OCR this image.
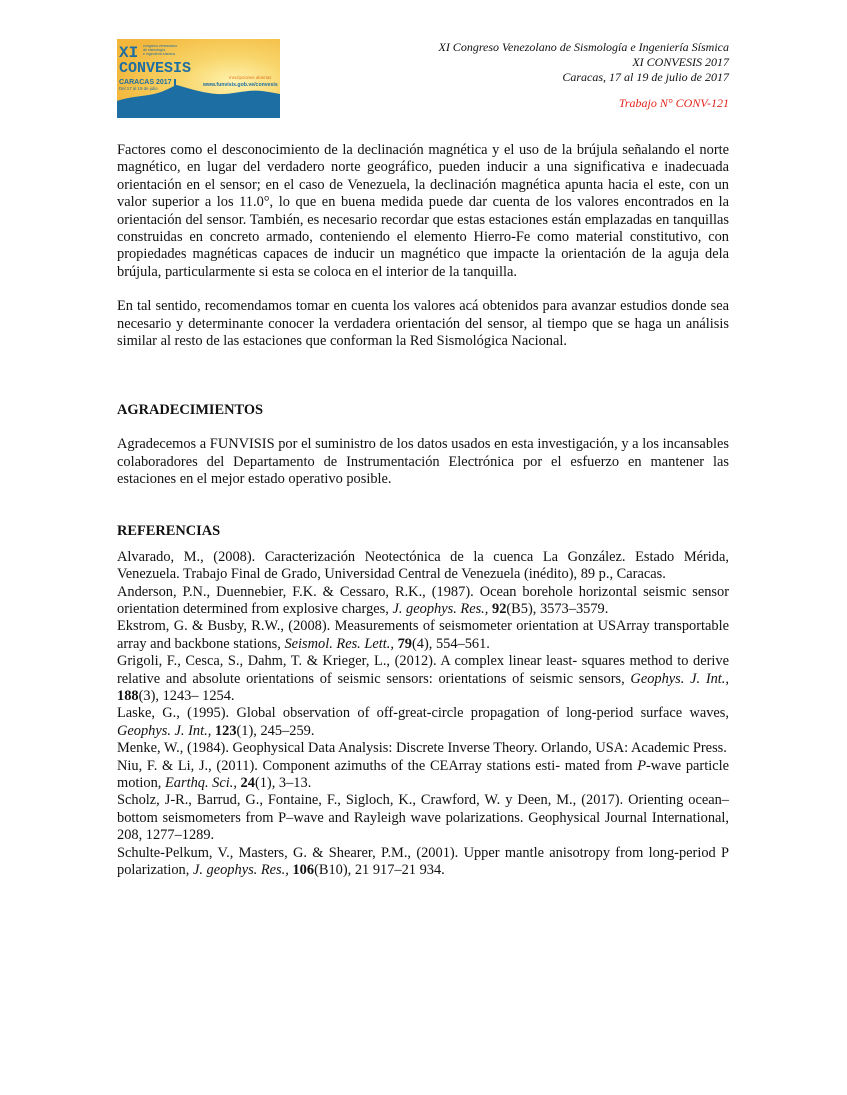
XI
CONVESIS
congreso venezolano
de sismología
e ingeniería sísmica
CARACAS 2017
Del 17 al 19 de julio
Inscripciones abiertas
www.funvisis.gob.ve/convesis
XI Congreso Venezolano de Sismología e Ingeniería Sísmica
XI CONVESIS 2017
Caracas, 17 al 19 de julio de 2017
Trabajo N° CONV-121

Factores como el desconocimiento de la declinación magnética y el uso de la brújula señalando el norte magnético, en lugar del verdadero norte geográfico, pueden inducir a una significativa e inadecuada orientación en el sensor; en el caso de Venezuela, la declinación magnética apunta hacia el este, con un valor superior a los 11.0°, lo que en buena medida puede dar cuenta de los valores encontrados en la orientación del sensor. También, es necesario recordar que estas estaciones están emplazadas en tanquillas construidas en concreto armado, conteniendo el elemento Hierro-Fe como material constitutivo, con propiedades magnéticas capaces de inducir un magnético que impacte la orientación de la aguja dela brújula, particularmente si esta se coloca en el interior de la tanquilla.

En tal sentido, recomendamos tomar en cuenta los valores acá obtenidos para avanzar estudios donde sea necesario y determinante conocer la verdadera orientación del sensor, al tiempo que se haga un análisis similar al resto de las estaciones que conforman la Red Sismológica Nacional.

AGRADECIMIENTOS

Agradecemos a FUNVISIS por el suministro de los datos usados en esta investigación, y a los incansables colaboradores del Departamento de Instrumentación Electrónica por el esfuerzo en mantener las estaciones en el mejor estado operativo posible.

REFERENCIAS

Alvarado, M., (2008). Caracterización Neotectónica de la cuenca La González. Estado Mérida, Venezuela. Trabajo Final de Grado, Universidad Central de Venezuela (inédito), 89 p., Caracas.

Anderson, P.N., Duennebier, F.K. & Cessaro, R.K., (1987). Ocean borehole horizontal seismic sensor orientation determined from explosive charges, J. geophys. Res., 92(B5), 3573–3579.

Ekstrom, G. & Busby, R.W., (2008). Measurements of seismometer orientation at USArray transportable array and backbone stations, Seismol. Res. Lett., 79(4), 554–561.

Grigoli, F., Cesca, S., Dahm, T. & Krieger, L., (2012). A complex linear least- squares method to derive relative and absolute orientations of seismic sensors: orientations of seismic sensors, Geophys. J. Int., 188(3), 1243– 1254.

Laske, G., (1995). Global observation of off-great-circle propagation of long-period surface waves, Geophys. J. Int., 123(1), 245–259.

Menke, W., (1984). Geophysical Data Analysis: Discrete Inverse Theory. Orlando, USA: Academic Press.

Niu, F. & Li, J., (2011). Component azimuths of the CEArray stations esti- mated from P-wave particle motion, Earthq. Sci., 24(1), 3–13.

Scholz, J-R., Barrud, G., Fontaine, F., Sigloch, K., Crawford, W. y Deen, M., (2017). Orienting ocean–bottom seismometers from P–wave and Rayleigh wave polarizations. Geophysical Journal International, 208, 1277–1289.

Schulte-Pelkum, V., Masters, G. & Shearer, P.M., (2001). Upper mantle anisotropy from long-period P polarization, J. geophys. Res., 106(B10), 21 917–21 934.
